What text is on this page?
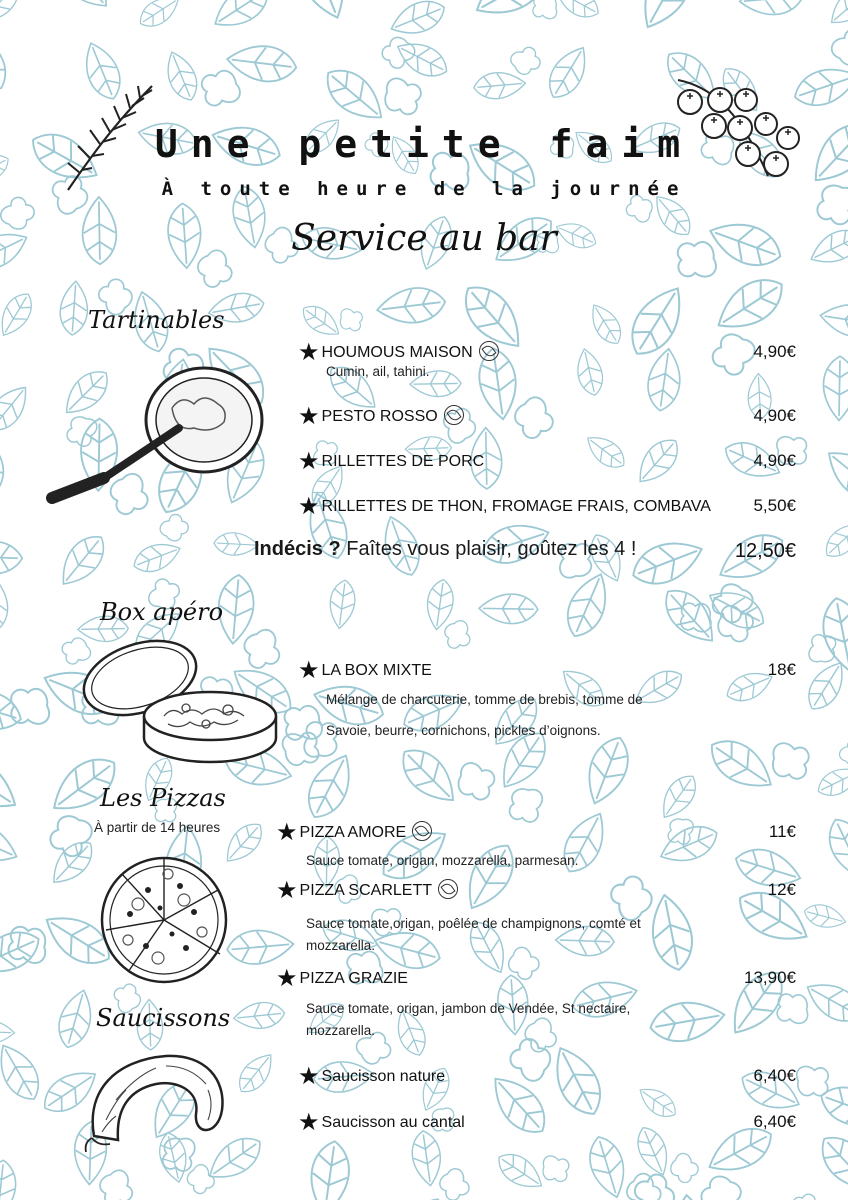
Une petite faim
À toute heure de la journée
Service au bar
Tartinables
★ HOUMOUS MAISON	4,90€
Cumin, ail, tahini.
★ PESTO ROSSO	4,90€
★ RILLETTES DE PORC	4,90€
★ RILLETTES DE THON, FROMAGE FRAIS, COMBAVA	5,50€
Indécis ? Faîtes vous plaisir, goûtez les 4 !	12,50€
Box apéro
★ LA BOX MIXTE	18€
Mélange de charcuterie, tomme de brebis, tomme de
Savoie, beurre, cornichons, pickles d’oignons.
Les Pizzas
À partir de 14 heures ★ PIZZA AMORE	11€
Sauce tomate, origan, mozzarella, parmesan.
★ PIZZA SCARLETT	12€
Sauce tomate,origan, poêlée de champignons, comté et
mozzarella.
★ PIZZA GRAZIE	13,90€
Sauce tomate, origan, jambon de Vendée, St nectaire,
mozzarella.
Saucissons
★ Saucisson nature	6,40€
★ Saucisson au cantal	6,40€
